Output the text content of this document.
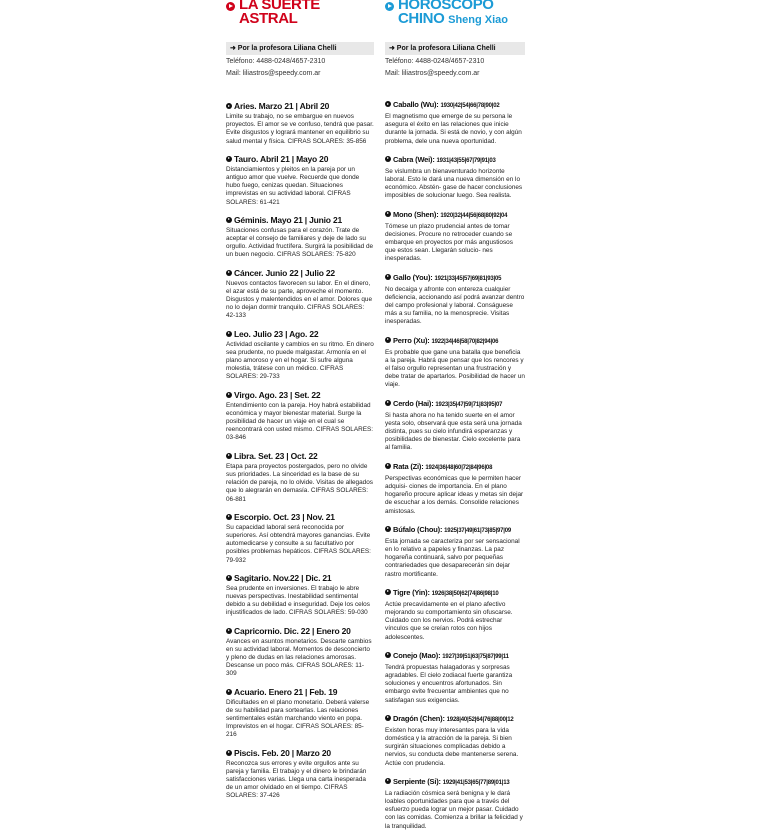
LA SUERTE
ASTRAL
➜ Por la profesora Liliana Chelli
Teléfono: 4488-0248/4657-2310
Mail: liliastros@speedy.com.ar
Aries. Marzo 21 | Abril 20
Limite su trabajo, no se embargue en nuevos proyectos. El amor se ve confuso, tendrá que pasar. Evite disgustos y logrará mantener en equilibrio su salud mental y física. CIFRAS SOLARES: 35-856
Tauro. Abril 21 | Mayo 20
Distanciamientos y pleitos en la pareja por un antiguo amor que vuelve. Recuerde que donde hubo fuego, cenizas quedan. Situaciones imprevistas en su actividad laboral. CIFRAS SOLARES: 61-421
Géminis. Mayo 21 | Junio 21
Situaciones confusas para el corazón. Trate de aceptar el consejo de familiares y deje de lado su orgullo. Actividad fructífera. Surgirá la posibilidad de un buen negocio. CIFRAS SOLARES: 75-820
Cáncer. Junio 22 | Julio 22
Nuevos contactos favorecen su labor. En el dinero, el azar está de su parte, aproveche el momento. Disgustos y malentendidos en el amor. Dolores que no lo dejan dormir tranquilo. CIFRAS SOLARES: 42-133
Leo. Julio 23 | Ago. 22
Actividad oscilante y cambios en su ritmo. En dinero sea prudente, no puede malgastar. Armonía en el plano amoroso y en el hogar. Si sufre alguna molestia, trátese con un médico. CIFRAS SOLARES: 29-733
Virgo. Ago. 23 | Set. 22
Entendimiento con la pareja. Hoy habrá estabilidad económica y mayor bienestar material. Surge la posibilidad de hacer un viaje en el cual se reencontrará con usted mismo. CIFRAS SOLARES: 03-846
Libra. Set. 23 | Oct. 22
Etapa para proyectos postergados, pero no olvide sus prioridades. La sinceridad es la base de su relación de pareja, no lo olvide. Visitas de allegados que lo alegrarán en demasía. CIFRAS SOLARES: 06-881
Escorpio. Oct. 23 | Nov. 21
Su capacidad laboral será reconocida por superiores. Así obtendrá mayores ganancias. Evite automedicarse y consulte a su facultativo por posibles problemas hepáticos. CIFRAS SOLARES: 79-932
Sagitario. Nov.22 | Dic. 21
Sea prudente en inversiones. El trabajo le abre nuevas perspectivas. Inestabilidad sentimental debido a su debilidad e inseguridad. Deje los celos injustificados de lado. CIFRAS SOLARES: 59-030
Capricornio. Dic. 22 | Enero 20
Avances en asuntos monetarios. Descarte cambios en su actividad laboral. Momentos de desconcierto y pleno de dudas en las relaciones amorosas. Descanse un poco más. CIFRAS SOLARES: 11-309
Acuario. Enero 21 | Feb. 19
Dificultades en el plano monetario. Deberá valerse de su habilidad para sortearlas. Las relaciones sentimentales están marchando viento en popa. Imprevistos en el hogar. CIFRAS SOLARES: 85-216
Piscis. Feb. 20 | Marzo 20
Reconozca sus errores y evite orgullos ante su pareja y familia. El trabajo y el dinero le brindarán satisfacciones varias. Llega una carta inesperada de un amor olvidado en el tiempo. CIFRAS SOLARES: 37-426
HOROSCOPO
CHINO Sheng Xiao
➜ Por la profesora Liliana Chelli
Teléfono: 4488-0248/4657-2310
Mail: liliastros@speedy.com.ar
Caballo (Wu): 1930|42|54|66|78|90|02
El magnetismo que emerge de su persona le asegura el éxito en las relaciones que inicie durante la jornada. Si está de novio, y con algún problema, dele una nueva oportunidad.
Cabra (Wei): 1931|43|55|67|79|91|03
Se vislumbra un bienaventurado horizonte laboral. Esto le dará una nueva dimensión en lo económico. Abstén- gase de hacer conclusiones imposibles de solucionar luego. Sea realista.
Mono (Shen): 1920|32|44|56|68|80|92|04
Tómese un plazo prudencial antes de tomar decisiones. Procure no retroceder cuando se embarque en proyectos por más angustiosos que estos sean. Llegarán solucio- nes inesperadas.
Gallo (You): 1921|33|45|57|69|81|93|05
No decaiga y afronte con entereza cualquier deficiencia, accionando así podrá avanzar dentro del campo profesional y laboral. Conságuese más a su familia, no la menosprecie. Visitas inesperadas.
Perro (Xu): 1922|34|46|58|70|82|94|06
Es probable que gane una batalla que beneficia a la pareja. Habrá que pensar que los rencores y el falso orgullo representan una frustración y debe tratar de apartarlos. Posibilidad de hacer un viaje.
Cerdo (Hai): 1923|35|47|59|71|83|95|07
Si hasta ahora no ha tenido suerte en el amor yesta solo, observará que esta será una jornada distinta, pues su cielo infundirá esperanzas y posibilidades de bienestar. Cielo excelente para al familia.
Rata (Zi): 1924|36|48|60|72|84|96|08
Perspectivas económicas que le permiten hacer adquisi- ciones de importancia. En el plano hogareño procure aplicar ideas y metas sin dejar de escuchar a los demás. Consolide relaciones amistosas.
Búfalo (Chou): 1925|37|49|61|73|85|97|09
Esta jornada se caracteriza por ser sensacional en lo relativo a papeles y finanzas. La paz hogareña continuará, salvo por pequeñas contrariedades que desaparecerán sin dejar rastro mortificante.
Tigre (Yin): 1926|38|50|62|74|86|98|10
Actúe precavidamente en el plano afectivo mejorando su comportamiento sin ofuscarse. Cuidado con los nervios. Podrá estrechar vínculos que se creían rotos con hijos adolescentes.
Conejo (Mao): 1927|39|51|63|75|87|99|11
Tendrá propuestas halagadoras y sorpresas agradables. El cielo zodiacal fuerte garantiza soluciones y encuentros afortunados. Sin embargo evite frecuentar ambientes que no satisfagan sus exigencias.
Dragón (Chen): 1928|40|52|64|76|88|00|12
Existen horas muy interesantes para la vida doméstica y la atracción de la pareja. Si bien surgirán situaciones complicadas debido a nervios, su conducta debe mantenerse serena. Actúe con prudencia.
Serpiente (Si): 1929|41|53|65|77|89|01|13
La radiación cósmica será benigna y le dará loables oportunidades para que a través del esfuerzo pueda lograr un mejor pasar. Cuidado con las comidas. Comienza a brillar la felicidad y la tranquilidad.
